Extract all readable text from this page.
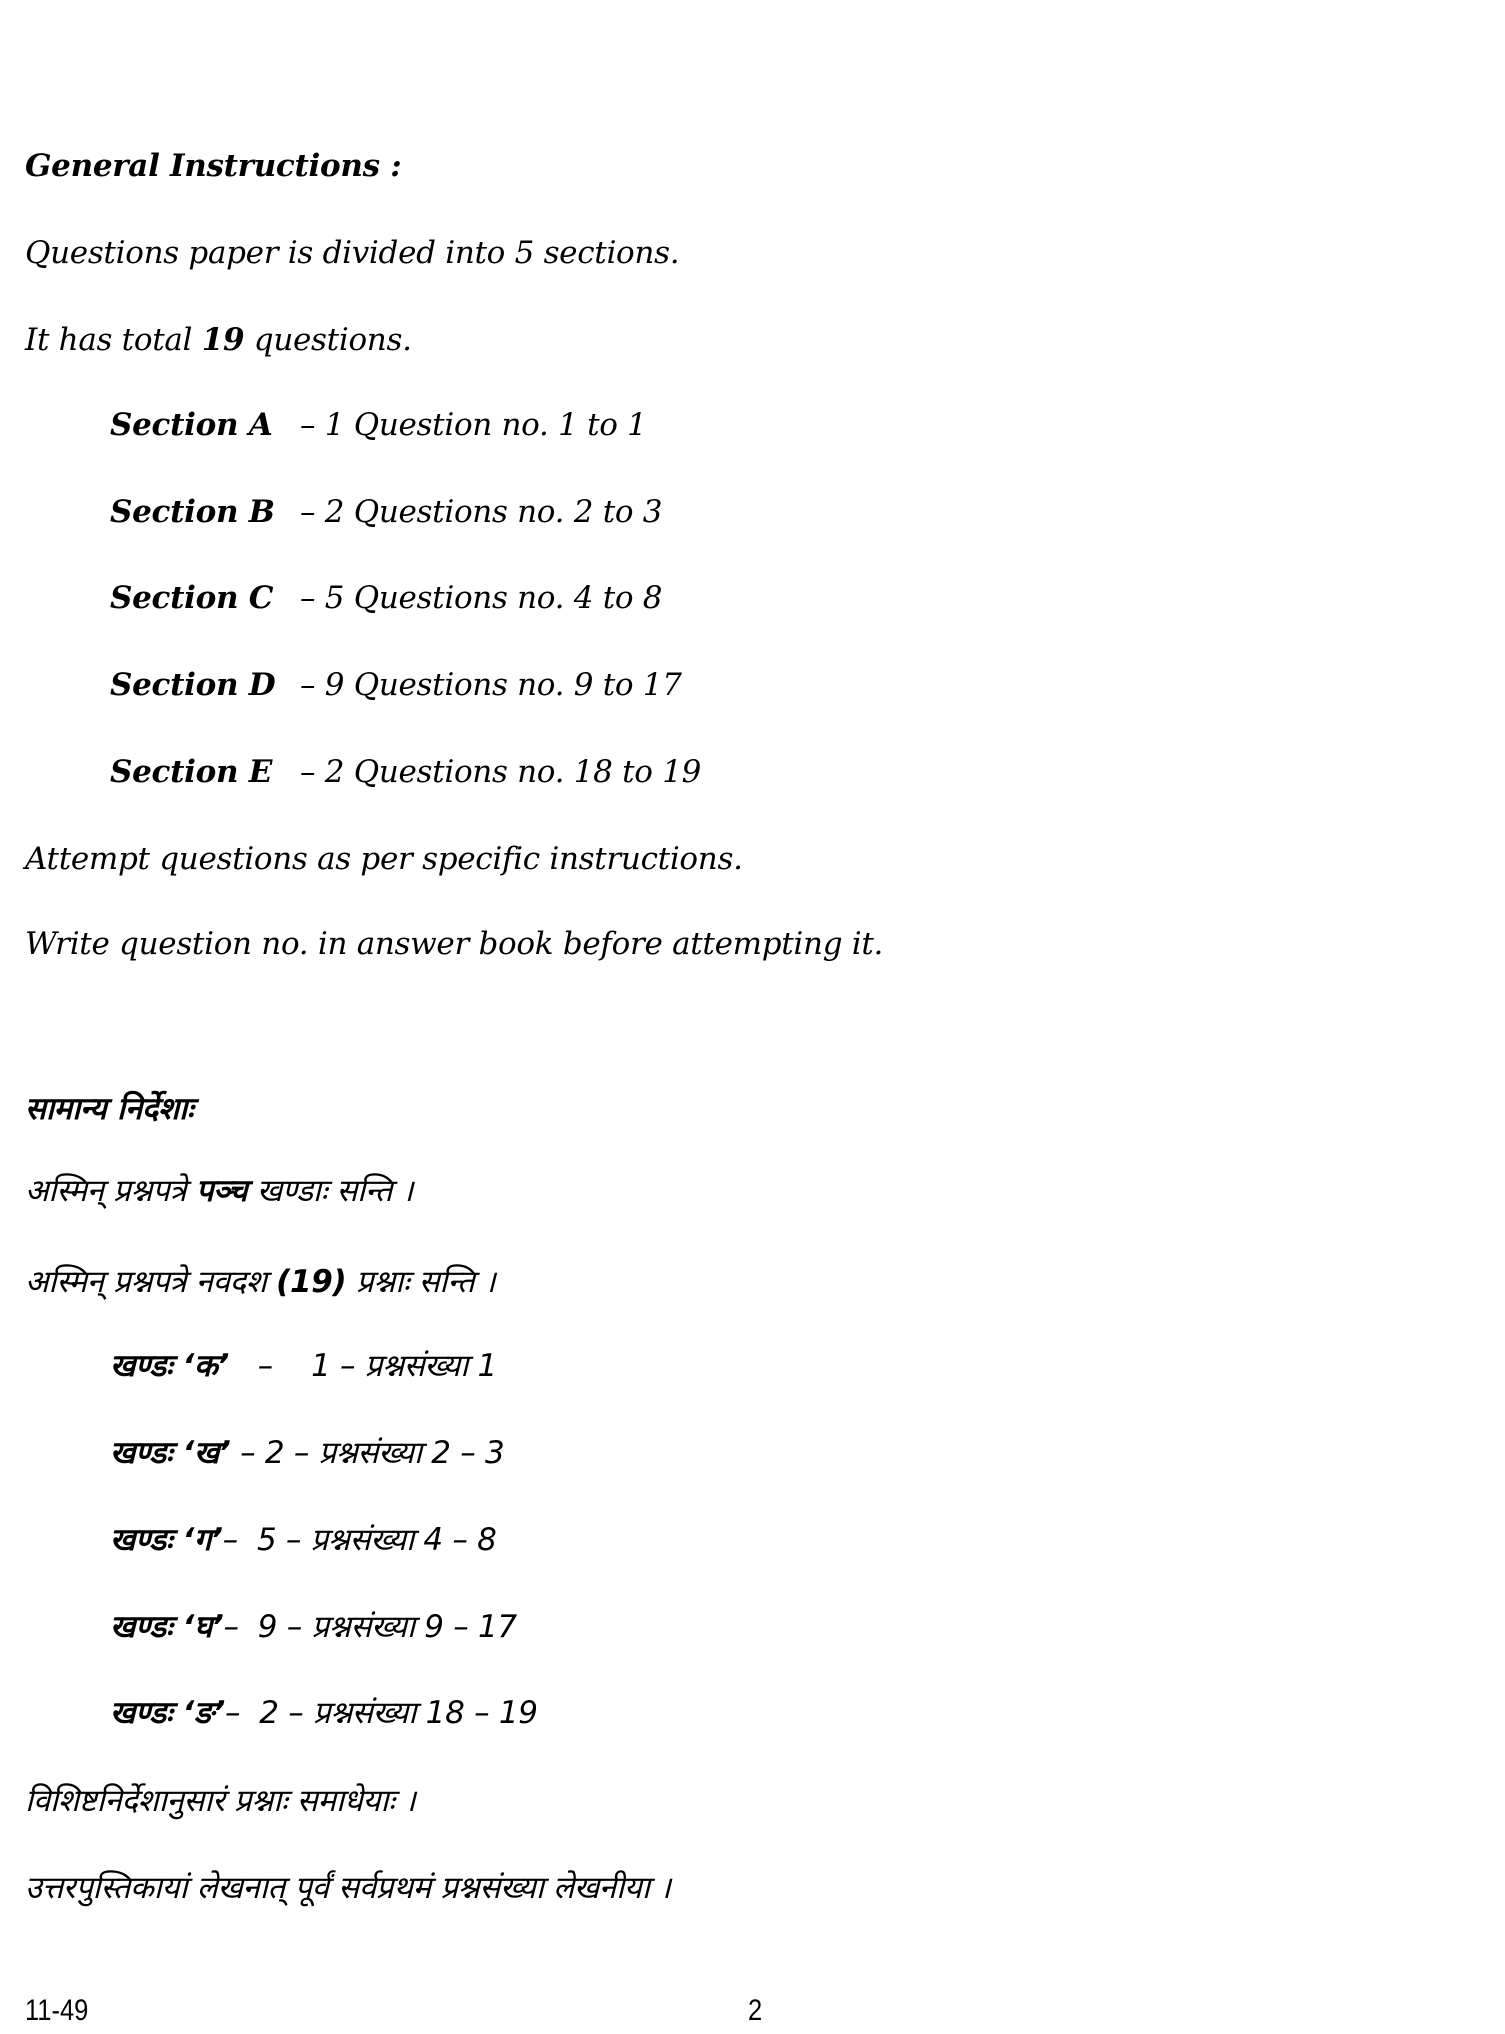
General Instructions :
Questions paper is divided into 5 sections.
It has total 19 questions.
Section A – 1 Question no. 1 to 1
Section B – 2 Questions no. 2 to 3
Section C – 5 Questions no. 4 to 8
Section D – 9 Questions no. 9 to 17
Section E – 2 Questions no. 18 to 19
Attempt questions as per specific instructions.
Write question no. in answer book before attempting it.
सामान्य निर्देशाः
अस्मिन् प्रश्नपत्रे पञ्च खण्डाः सन्ति ।
अस्मिन् प्रश्नपत्रे नवदश (19) प्रश्नाः सन्ति ।
खण्डः ‘क’   –    1 – प्रश्नसंख्या 1
खण्डः ‘ख’ – 2 – प्रश्नसंख्या 2 – 3
खण्डः ‘ग’–  5 – प्रश्नसंख्या 4 – 8
खण्डः ‘घ’–  9 – प्रश्नसंख्या 9 – 17
खण्डः ‘ङ’–  2 – प्रश्नसंख्या 18 – 19
विशिष्टनिर्देशानुसारं प्रश्नाः समाधेयाः ।
उत्तरपुस्तिकायां लेखनात् पूर्वं सर्वप्रथमं प्रश्नसंख्या लेखनीया ।
11-49	2
